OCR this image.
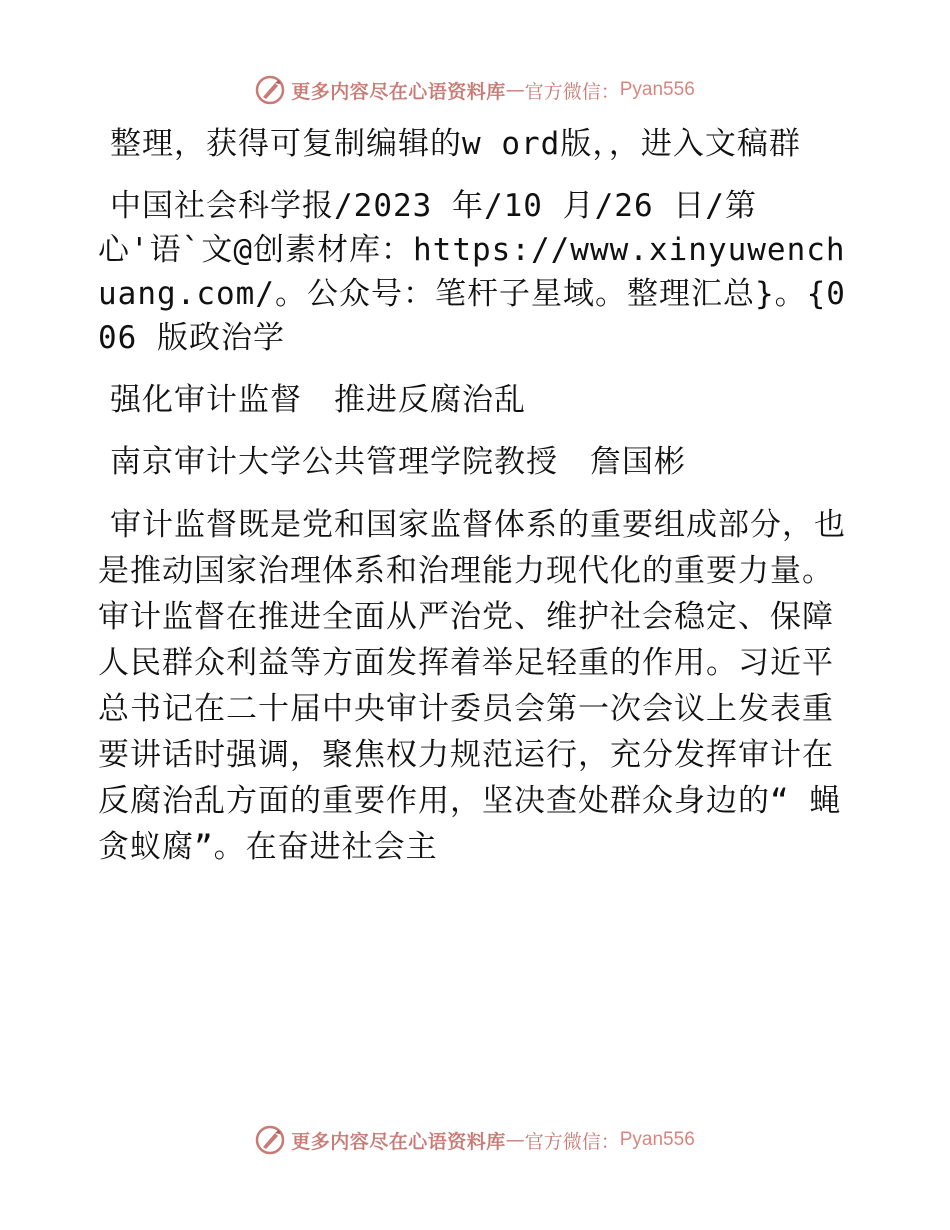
更多内容尽在心语资料库 — 官方微信： Pyan556

整理，获得可复制编辑的w ord版，，进入文稿群

中国社会科学报/2023 年/10 月/26 日/第 心'语`文@创素材库：https://www.xinyuwenchuang.com/。公众号：笔杆子星域。整理汇总}。{006 版政治学

强化审计监督　推进反腐治乱

南京审计大学公共管理学院教授　詹国彬

审计监督既是党和国家监督体系的重要组成部分，也是推动国家治理体系和治理能力现代化的重要力量。审计监督在推进全面从严治党、维护社会稳定、保障人民群众利益等方面发挥着举足轻重的作用。习近平总书记在二十届中央审计委员会第一次会议上发表重要讲话时强调，聚焦权力规范运行，充分发挥审计在反腐治乱方面的重要作用，坚决查处群众身边的“ 蝇贪蚁腐”。在奋进社会主

更多内容尽在心语资料库 — 官方微信： Pyan556
